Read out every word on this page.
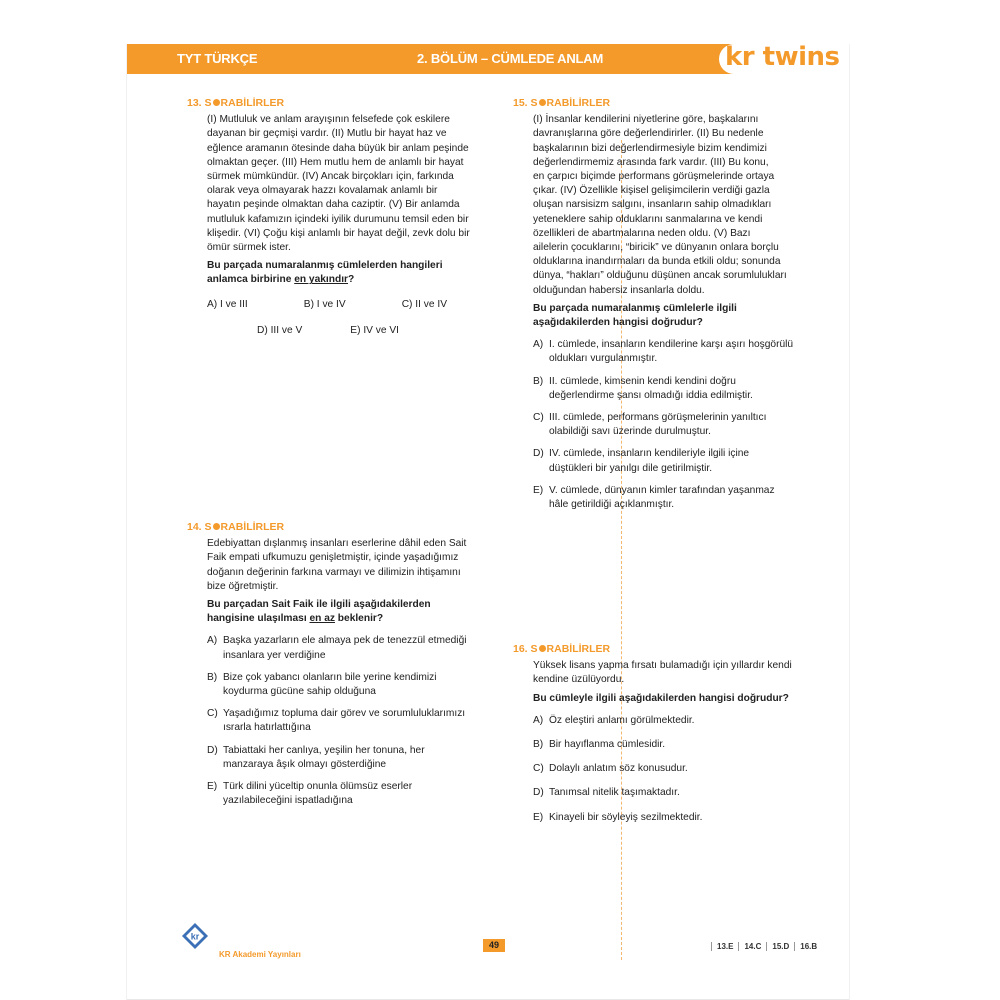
TYT TÜRKÇE	2. BÖLÜM – CÜMLEDE ANLAM	kr twins
13. S RABİLİRLER
(I) Mutluluk ve anlam arayışının felsefede çok eskilere
dayanan bir geçmişi vardır. (II) Mutlu bir hayat haz ve
eğlence aramanın ötesinde daha büyük bir anlam peşinde
olmaktan geçer. (III) Hem mutlu hem de anlamlı bir hayat
sürmek mümkündür. (IV) Ancak birçokları için, farkında
olarak veya olmayarak hazzı kovalamak anlamlı bir
hayatın peşinde olmaktan daha caziptir. (V) Bir anlamda
mutluluk kafamızın içindeki iyilik durumunu temsil eden bir
klişedir. (VI) Çoğu kişi anlamlı bir hayat değil, zevk dolu bir
ömür sürmek ister.
Bu parçada numaralanmış cümlelerden hangileri
anlamca birbirine en yakındır?
A) I ve III	B) I ve IV	C) II ve IV
D) III ve V	E) IV ve VI
14. S RABİLİRLER
Edebiyattan dışlanmış insanları eserlerine dâhil eden Sait
Faik empati ufkumuzu genişletmiştir, içinde yaşadığımız
doğanın değerinin farkına varmayı ve dilimizin ihtişamını
bize öğretmiştir.
Bu parçadan Sait Faik ile ilgili aşağıdakilerden
hangisine ulaşılması en az beklenir?
A) Başka yazarların ele almaya pek de tenezzül etmediği
insanlara yer verdiğine
B) Bize çok yabancı olanların bile yerine kendimizi
koydurma gücüne sahip olduğuna
C) Yaşadığımız topluma dair görev ve sorumluluklarımızı
ısrarla hatırlattığına
D) Tabiattaki her canlıya, yeşilin her tonuna, her
manzaraya âşık olmayı gösterdiğine
E) Türk dilini yüceltip onunla ölümsüz eserler
yazılabileceğini ispatladığına
15. S RABİLİRLER
(I) İnsanlar kendilerini niyetlerine göre, başkalarını
davranışlarına göre değerlendirirler. (II) Bu nedenle
başkalarının bizi değerlendirmesiyle bizim kendimizi
değerlendirmemiz arasında fark vardır. (III) Bu konu,
en çarpıcı biçimde performans görüşmelerinde ortaya
çıkar. (IV) Özellikle kişisel gelişimcilerin verdiği gazla
oluşan narsisizm salgını, insanların sahip olmadıkları
yeteneklere sahip olduklarını sanmalarına ve kendi
özellikleri de abartmalarına neden oldu. (V) Bazı
ailelerin çocuklarını, “biricik” ve dünyanın onlara borçlu
olduklarına inandırmaları da bunda etkili oldu; sonunda
dünya, “hakları” olduğunu düşünen ancak sorumlulukları
olduğundan habersiz insanlarla doldu.
Bu parçada numaralanmış cümlelerle ilgili
aşağıdakilerden hangisi doğrudur?
A) I. cümlede, insanların kendilerine karşı aşırı hoşgörülü
oldukları vurgulanmıştır.
B) II. cümlede, kimsenin kendi kendini doğru
değerlendirme şansı olmadığı iddia edilmiştir.
C) III. cümlede, performans görüşmelerinin yanıltıcı
olabildiği savı üzerinde durulmuştur.
D) IV. cümlede, insanların kendileriyle ilgili içine
düştükleri bir yanılgı dile getirilmiştir.
E) V. cümlede, dünyanın kimler tarafından yaşanmaz
hâle getirildiği açıklanmıştır.
16. S RABİLİRLER
Yüksek lisans yapma fırsatı bulamadığı için yıllardır kendi
kendine üzülüyordu.
Bu cümleyle ilgili aşağıdakilerden hangisi doğrudur?
A) Öz eleştiri anlamı görülmektedir.
B) Bir hayıflanma cümlesidir.
C) Dolaylı anlatım söz konusudur.
D) Tanımsal nitelik taşımaktadır.
E) Kinayeli bir söyleyiş sezilmektedir.
kr
KR Akademi Yayınları
49	13.E	14.C	15.D	16.B
